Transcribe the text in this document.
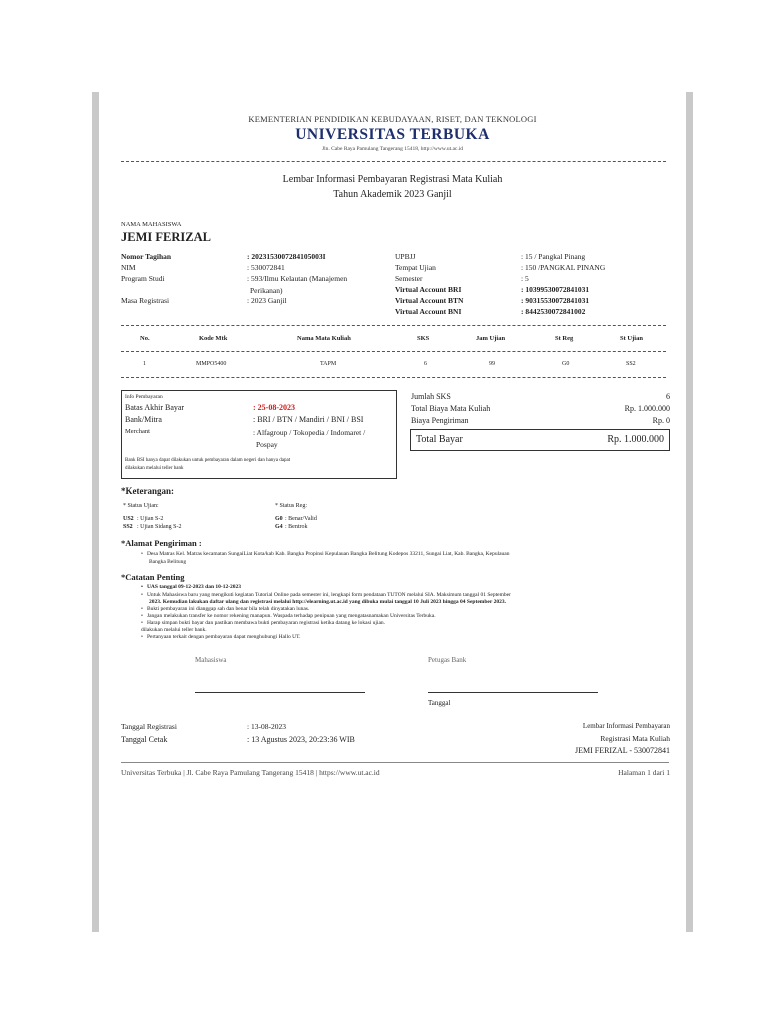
KEMENTERIAN PENDIDIKAN KEBUDAYAAN, RISET, DAN TEKNOLOGI
UNIVERSITAS TERBUKA
Jln. Cabe Raya Pamulang Tangerang 15418, http://www.ut.ac.id
Lembar Informasi Pembayaran Registrasi Mata Kuliah
Tahun Akademik 2023 Ganjil
NAMA MAHASISWA
JEMI FERIZAL
Nomor Tagihan	: 2023153007284105003I
NIM	: 530072841
Program Studi	: 593/Ilmu Kelautan (Manajemen
Perikanan)
Masa Registrasi	: 2023 Ganjil
UPBJJ	: 15 / Pangkal Pinang
Tempat Ujian	: 150 /PANGKAL PINANG
Semester	: 5
Virtual Account BRI	: 10399530072841031
Virtual Account BTN	: 90315530072841031
Virtual Account BNI	: 8442530072841002
No.	Kode Mtk	Nama Mata Kuliah	SKS	Jam Ujian	St Reg	St Ujian
1	MMPO5400	TAPM	6	99	G0	SS2
Info Pembayaran
Batas Akhir Bayar	: 25-08-2023
Bank/Mitra	: BRI / BTN / Mandiri / BNI / BSI
Merchant	: Alfagroup / Tokopedia / Indomaret /
Pospay
Bank BSI hanya dapat dilakukan untuk pembayaran dalam negeri dan hanya dapat
dilakukan melalui teller bank
Jumlah SKS	6
Total Biaya Mata Kuliah	Rp. 1.000.000
Biaya Pengiriman	Rp. 0
Total Bayar	Rp. 1.000.000
*Keterangan:
* Status Ujian:
US2 : Ujian S-2
SS2 : Ujian Sidang S-2
* Status Reg:
G0 : Benar/Valid
G4 : Bentrok
*Alamat Pengiriman :
• Desa Matras Kel. Matras kecamatan SungaiLiat Kota/kab Kab. Bangka Propinsi Kepulauan Bangka Belitung Kodepos 33211, Sungai Liat, Kab. Bangka, Kepulauan
Bangka Belitung
*Catatan Penting
• UAS tanggal 09-12-2023 dan 10-12-2023
• Untuk Mahasiswa baru yang mengikuti kegiatan Tutorial Online pada semester ini, lengkapi form pendataan TUTON melalui SIA. Maksimum tanggal 01 September
2023. Kemudian lakukan daftar ulang dan registrasi melalui http://elearning.ut.ac.id yang dibuka mulai tanggal 10 Juli 2023 hingga 04 September 2023.
• Bukti pembayaran ini dianggap sah dan benar bila telah dinyatakan lunas.
• Jangan melakukan transfer ke nomor rekening manapun. Waspada terhadap penipuan yang mengatasnamakan Universitas Terbuka.
• Harap simpan bukti bayar dan pastikan membawa bukti pembayaran registrasi ketika datang ke lokasi ujian.
dilakukan melalui teller bank.
• Pertanyaan terkait dengan pembayaran dapat menghubungi Hallo UT.
Mahasiswa	Petugas Bank
Tanggal
Tanggal Registrasi	: 13-08-2023
Tanggal Cetak	: 13 Agustus 2023, 20:23:36 WIB
Lembar Informasi Pembayaran
Registrasi Mata Kuliah
JEMI FERIZAL - 530072841
Universitas Terbuka | Jl. Cabe Raya Pamulang Tangerang 15418 | https://www.ut.ac.id	Halaman 1 dari 1
